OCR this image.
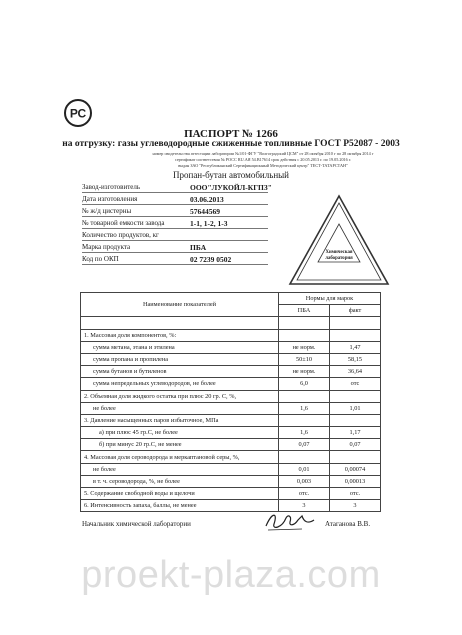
РС
ПАСПОРТ № 1266
на отгрузку: газы углеводородные сжиженные топливные ГОСТ Р52087 - 2003
номер свидетельства аттестации лаборатории №1/01-ФГУ "Волгоградский ЦСМ" от 28 октября 2010 г по 28 октября 2014 г
сертификат соответствия № РОСС RU.АЯ 54.В17614 срок действия с 20.05.2013 г. по 19.05.2016 г.
выдан ЗАО "Республиканский Сертификационный Методический центр" ТЕСТ-ТАТАРСТАН"
Пропан-бутан автомобильный
Завод-изготовитель	ООО"ЛУКОЙЛ-КГПЗ"
Дата изготовления	03.06.2013
№ ж/д цистерны	57644569
№ товарной емкости завода	1-1, 1-2, 1-3
Количество продуктов, кг
Марка продукта	ПБА
Код по ОКП	02 7239 0502
Химическая
лаборатория
Наименование показателей	Нормы для марок	
	ПБА	факт

1. Массовая доля компонентов, %:		
сумма метана, этана и этилена	не норм.	1,47
сумма пропана и пропилена	50±10	58,15
сумма бутанов и бутиленов	не норм.	36,64
сумма непредельных углеводородов, не более	6,0	отс
2. Объемная доля жидкого остатка при плюс 20 гр. С, %,		
не более	1,6	1,01
3. Давление насыщенных паров избыточное, МПа		
а) при плюс 45 гр.С, не более	1,6	1,17
б) при минус 20 гр.С, не менее	0,07	0,07
4. Массовая доля сероводорода и меркаптановой серы, %,		
не более	0,01	0,00074
в т. ч. сероводорода, %, не более	0,003	0,00013
5. Содержание свободной воды и щелочи	отс.	отс.
6. Интенсивность запаха, баллы, не менее	3	3
Начальник химической лаборатории	Атаганова В.В.
proekt-plaza.com
